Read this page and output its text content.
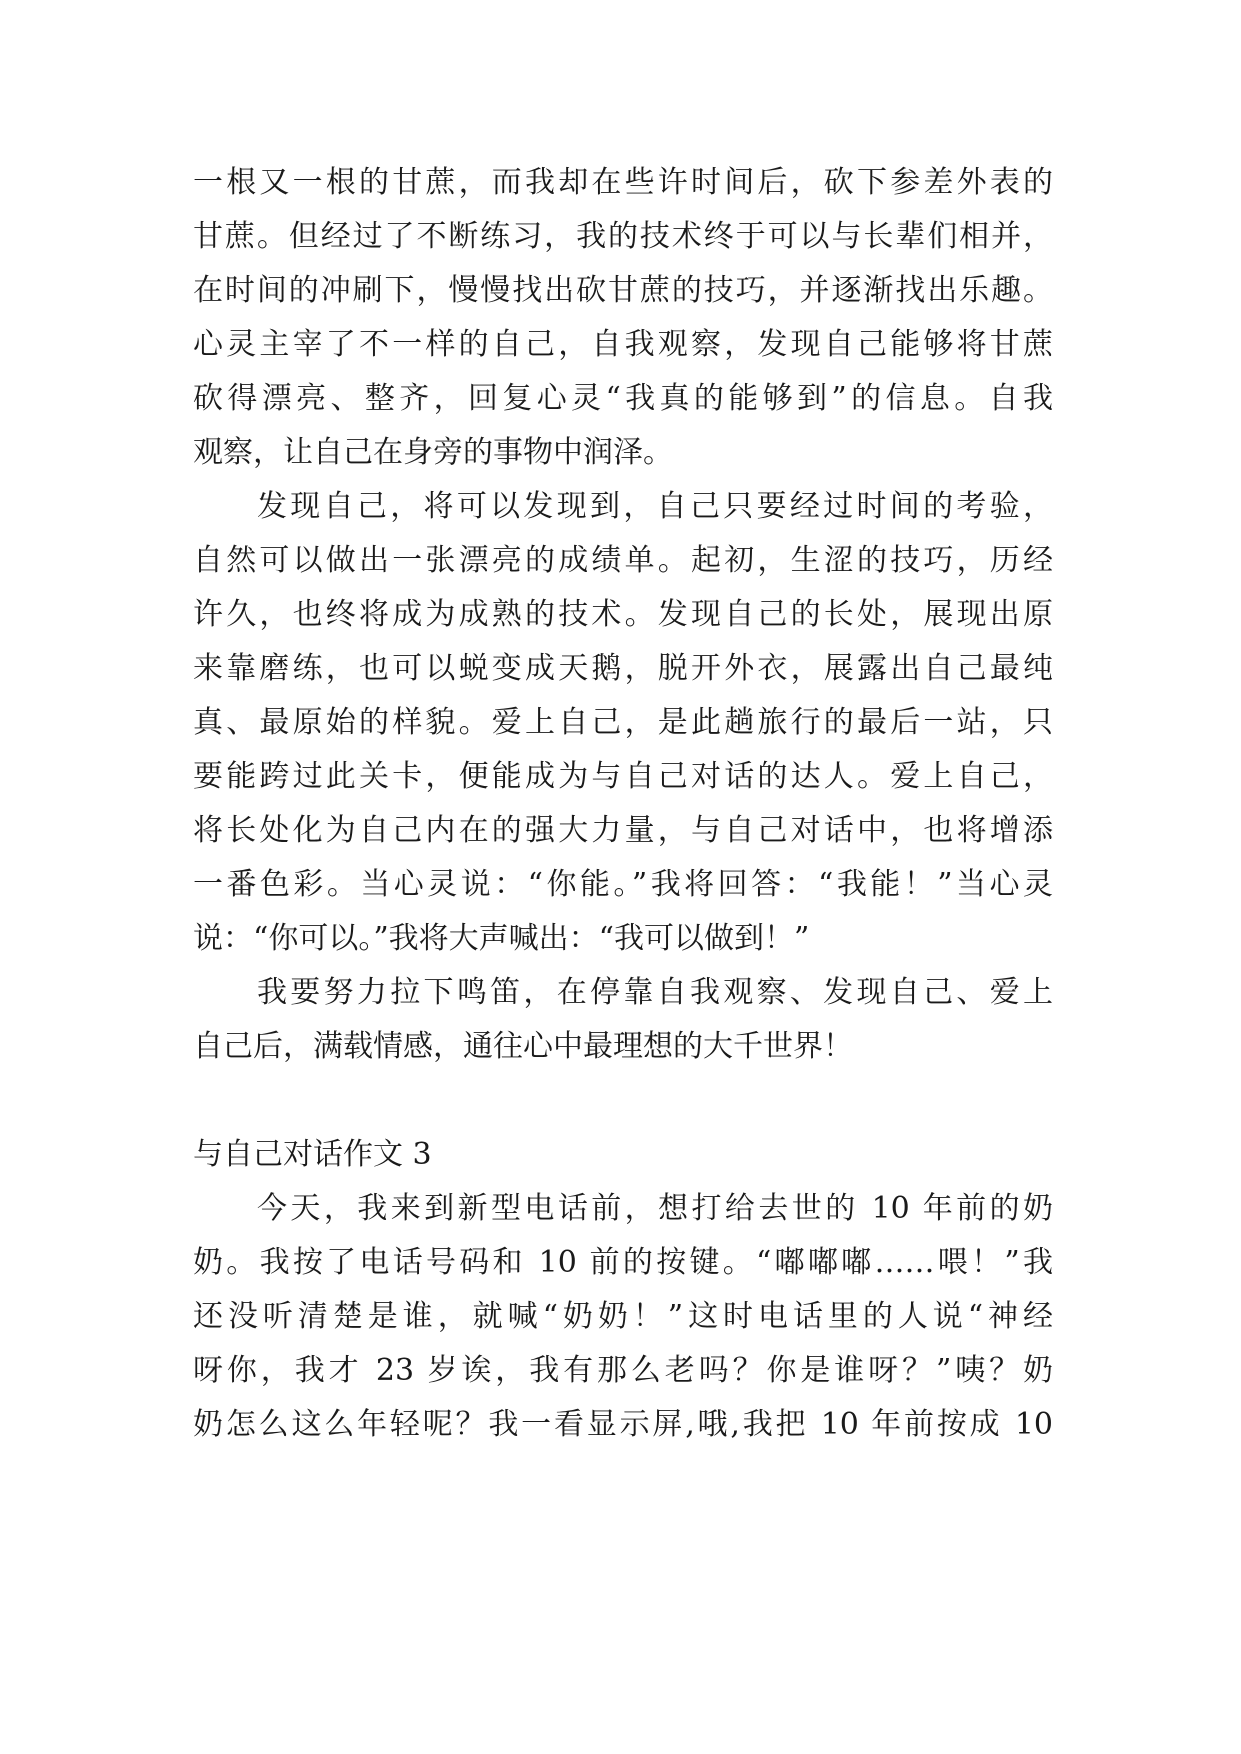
一根又一根的甘蔗，而我却在些许时间后，砍下参差外表的
甘蔗。但经过了不断练习，我的技术终于可以与长辈们相并，
在时间的冲刷下，慢慢找出砍甘蔗的技巧，并逐渐找出乐趣。
心灵主宰了不一样的自己，自我观察，发现自己能够将甘蔗
砍得漂亮、整齐，回复心灵“我真的能够到”的信息。自我
观察，让自己在身旁的事物中润泽。
发现自己，将可以发现到，自己只要经过时间的考验，
自然可以做出一张漂亮的成绩单。起初，生涩的技巧，历经
许久，也终将成为成熟的技术。发现自己的长处，展现出原
来靠磨练，也可以蜕变成天鹅，脱开外衣，展露出自己最纯
真、最原始的样貌。爱上自己，是此趟旅行的最后一站，只
要能跨过此关卡，便能成为与自己对话的达人。爱上自己，
将长处化为自己内在的强大力量，与自己对话中，也将增添
一番色彩。当心灵说：“你能。”我将回答：“我能！”当心灵
说：“你可以。”我将大声喊出：“我可以做到！”
我要努力拉下鸣笛，在停靠自我观察、发现自己、爱上
自己后，满载情感，通往心中最理想的大千世界！
与自己对话作文 3
今天，我来到新型电话前，想打给去世的 10 年前的奶
奶。我按了电话号码和 10 前的按键。“嘟嘟嘟……喂！”我
还没听清楚是谁，就喊“奶奶！”这时电话里的人说“神经
呀你，我才 23 岁诶，我有那么老吗？你是谁呀？”咦？奶
奶怎么这么年轻呢？我一看显示屏,哦,我把 10 年前按成 10
